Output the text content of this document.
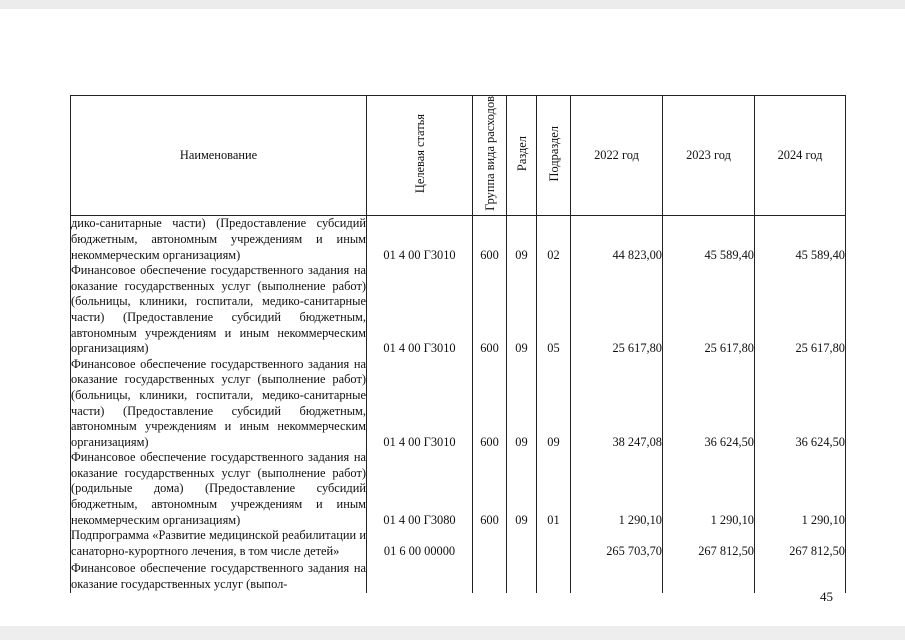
Наименование	Целевая статья	Группа вида расходов	Раздел	Подраздел	2022 год	2023 год	2024 год
дико-санитарные части) (Предоставление субсидий бюджетным, автономным учреждениям и иным некоммерческим организациям)	01 4 00 Г3010	600	09	02	44 823,00	45 589,40	45 589,40
Финансовое обеспечение государственного задания на оказание государственных услуг (выполнение работ) (больницы, клиники, госпитали, медико-санитарные части) (Предоставление субсидий бюджетным, автономным учреждениям и иным некоммерческим организациям)	01 4 00 Г3010	600	09	05	25 617,80	25 617,80	25 617,80
Финансовое обеспечение государственного задания на оказание государственных услуг (выполнение работ) (больницы, клиники, госпитали, медико-санитарные части) (Предоставление субсидий бюджетным, автономным учреждениям и иным некоммерческим организациям)	01 4 00 Г3010	600	09	09	38 247,08	36 624,50	36 624,50
Финансовое обеспечение государственного задания на оказание государственных услуг (выполнение работ) (родильные дома) (Предоставление субсидий бюджетным, автономным учреждениям и иным некоммерческим организациям)	01 4 00 Г3080	600	09	01	1 290,10	1 290,10	1 290,10
Подпрограмма «Развитие медицинской реабилитации и санаторно-курортного лечения, в том числе детей»	01 6 00 00000				265 703,70	267 812,50	267 812,50
Финансовое обеспечение государственного задания на оказание государственных услуг (выпол-							
45
